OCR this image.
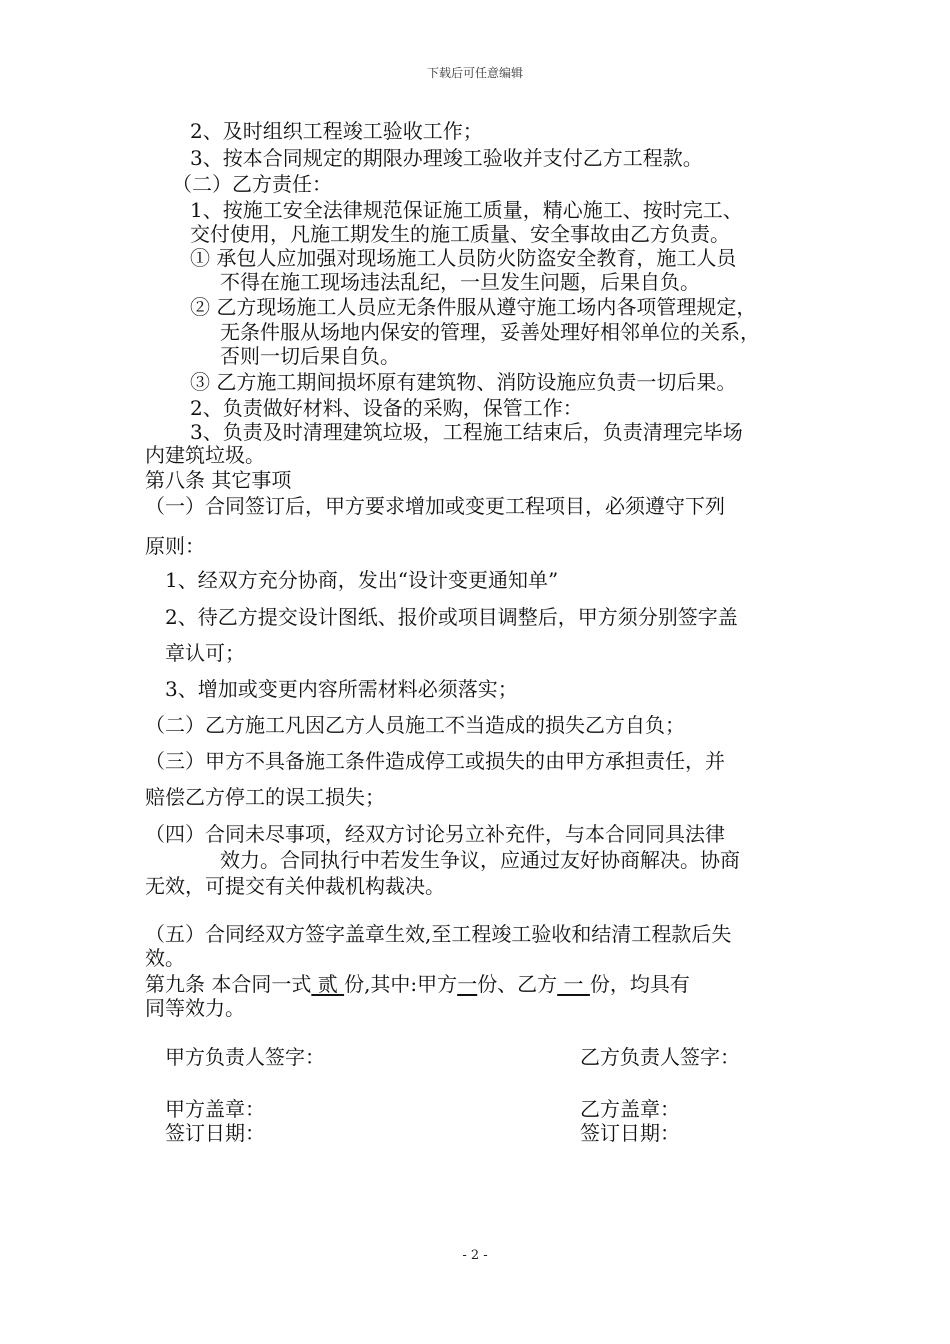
下载后可任意编辑
2、及时组织工程竣工验收工作；
3、按本合同规定的期限办理竣工验收并支付乙方工程款。
（二）乙方责任：
1、按施工安全法律规范保证施工质量，精心施工、按时完工、
交付使用，凡施工期发生的施工质量、安全事故由乙方负责。
① 承包人应加强对现场施工人员防火防盗安全教育，施工人员
不得在施工现场违法乱纪，一旦发生问题，后果自负。
② 乙方现场施工人员应无条件服从遵守施工场内各项管理规定，
无条件服从场地内保安的管理，妥善处理好相邻单位的关系，
否则一切后果自负。
③ 乙方施工期间损坏原有建筑物、消防设施应负责一切后果。
2、负责做好材料、设备的采购，保管工作：
3、负责及时清理建筑垃圾，工程施工结束后，负责清理完毕场
内建筑垃圾。
第八条 其它事项
（一）合同签订后，甲方要求增加或变更工程项目，必须遵守下列
原则：
1、经双方充分协商，发出“设计变更通知单”
2、待乙方提交设计图纸、报价或项目调整后，甲方须分别签字盖
章认可；
3、增加或变更内容所需材料必须落实；
（二）乙方施工凡因乙方人员施工不当造成的损失乙方自负；
（三）甲方不具备施工条件造成停工或损失的由甲方承担责任，并
赔偿乙方停工的误工损失；
（四）合同未尽事项，经双方讨论另立补充件，与本合同同具法律
效力。合同执行中若发生争议，应通过友好协商解决。协商
无效，可提交有关仲裁机构裁决。
（五）合同经双方签字盖章生效,至工程竣工验收和结清工程款后失
效。
第九条 本合同一式 贰 份,其中:甲方一份、乙方 一 份，均具有
同等效力。
甲方负责人签字：	乙方负责人签字：
甲方盖章：	乙方盖章：
签订日期：	签订日期：
- 2 -
